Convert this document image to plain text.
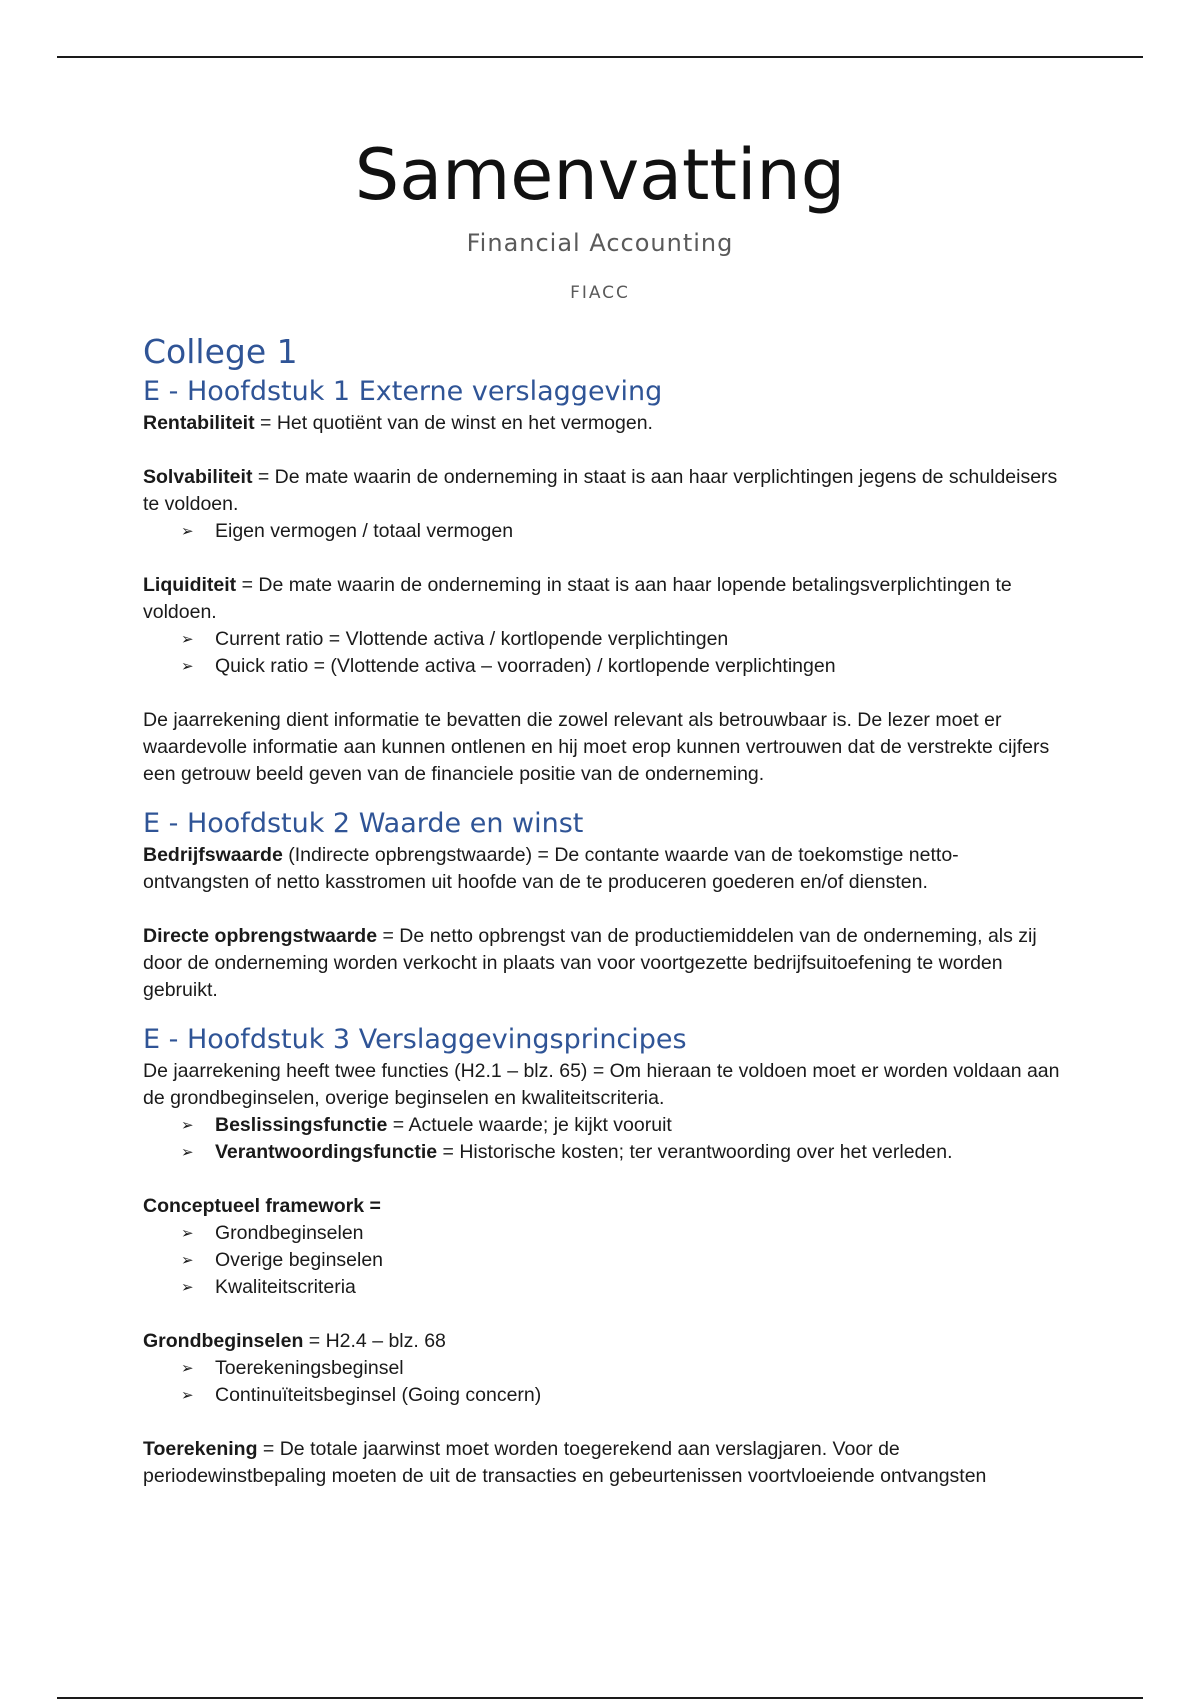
Samenvatting
Financial Accounting
FIACC
College 1
E - Hoofdstuk 1 Externe verslaggeving

Rentabiliteit = Het quotiënt van de winst en het vermogen.

Solvabiliteit = De mate waarin de onderneming in staat is aan haar verplichtingen jegens de schuldeisers te voldoen.

➢ Eigen vermogen / totaal vermogen

Liquiditeit = De mate waarin de onderneming in staat is aan haar lopende betalingsverplichtingen te voldoen.

➢ Current ratio = Vlottende activa / kortlopende verplichtingen
➢ Quick ratio = (Vlottende activa – voorraden) / kortlopende verplichtingen

De jaarrekening dient informatie te bevatten die zowel relevant als betrouwbaar is. De lezer moet er waardevolle informatie aan kunnen ontlenen en hij moet erop kunnen vertrouwen dat de verstrekte cijfers een getrouw beeld geven van de financiele positie van de onderneming.

E - Hoofdstuk 2 Waarde en winst

Bedrijfswaarde (Indirecte opbrengstwaarde) = De contante waarde van de toekomstige netto-ontvangsten of netto kasstromen uit hoofde van de te produceren goederen en/of diensten.

Directe opbrengstwaarde = De netto opbrengst van de productiemiddelen van de onderneming, als zij door de onderneming worden verkocht in plaats van voor voortgezette bedrijfsuitoefening te worden gebruikt.

E - Hoofdstuk 3 Verslaggevingsprincipes

De jaarrekening heeft twee functies (H2.1 – blz. 65) = Om hieraan te voldoen moet er worden voldaan aan de grondbeginselen, overige beginselen en kwaliteitscriteria.

➢ Beslissingsfunctie = Actuele waarde; je kijkt vooruit
➢ Verantwoordingsfunctie = Historische kosten; ter verantwoording over het verleden.

Conceptueel framework =

➢ Grondbeginselen
➢ Overige beginselen
➢ Kwaliteitscriteria

Grondbeginselen = H2.4 – blz. 68

➢ Toerekeningsbeginsel
➢ Continuïteitsbeginsel (Going concern)

Toerekening = De totale jaarwinst moet worden toegerekend aan verslagjaren. Voor de periodewinstbepaling moeten de uit de transacties en gebeurtenissen voortvloeiende ontvangsten
